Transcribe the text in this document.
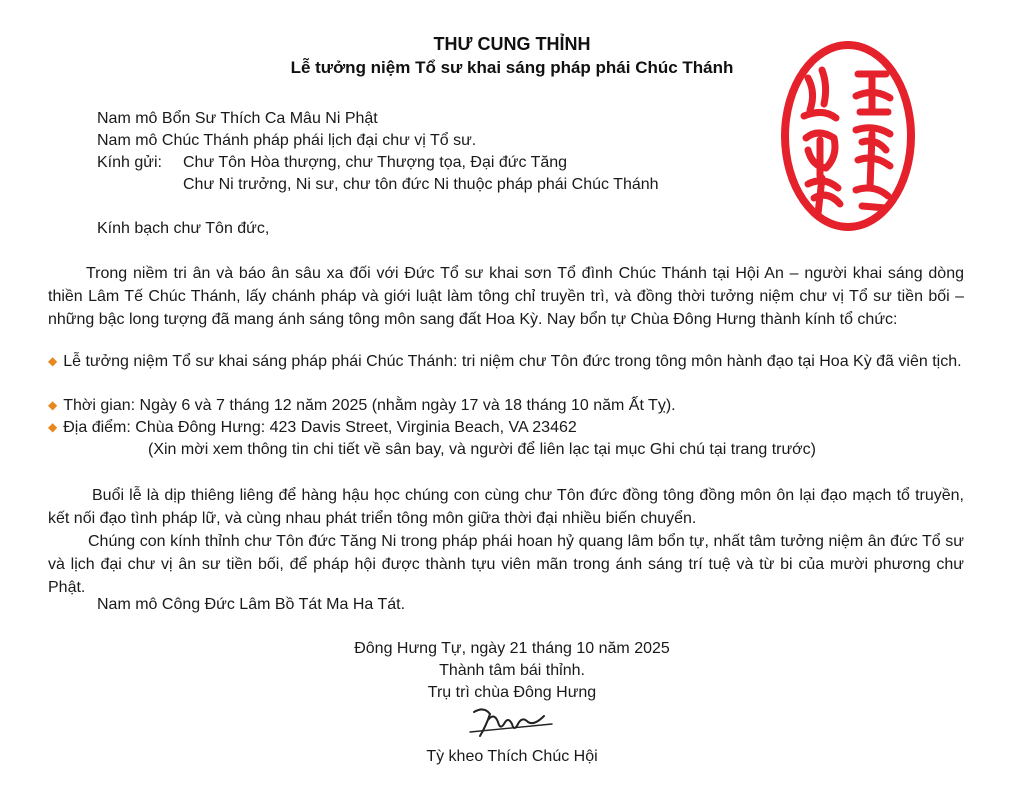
THƯ CUNG THỈNH
Lễ tưởng niệm Tổ sư khai sáng pháp phái Chúc Thánh
Nam mô Bổn Sư Thích Ca Mâu Ni Phật
Nam mô Chúc Thánh pháp phái lịch đại chư vị Tổ sư.
Kính gửi: Chư Tôn Hòa thượng, chư Thượng tọa, Đại đức Tăng
Chư Ni trưởng, Ni sư, chư tôn đức Ni thuộc pháp phái Chúc Thánh
Kính bạch chư Tôn đức,
Trong niềm tri ân và báo ân sâu xa đối với Đức Tổ sư khai sơn Tổ đình Chúc Thánh tại Hội An – người khai sáng dòng thiền Lâm Tế Chúc Thánh, lấy chánh pháp và giới luật làm tông chỉ truyền trì, và đồng thời tưởng niệm chư vị Tổ sư tiền bối – những bậc long tượng đã mang ánh sáng tông môn sang đất Hoa Kỳ. Nay bổn tự Chùa Đông Hưng thành kính tổ chức:
◆ Lễ tưởng niệm Tổ sư khai sáng pháp phái Chúc Thánh: tri niệm chư Tôn đức trong tông môn hành đạo tại Hoa Kỳ đã viên tịch.
◆ Thời gian: Ngày 6 và 7 tháng 12 năm 2025 (nhằm ngày 17 và 18 tháng 10 năm Ất Tỵ).
◆ Địa điểm: Chùa Đông Hưng: 423 Davis Street, Virginia Beach, VA 23462
(Xin mời xem thông tin chi tiết về sân bay, và người để liên lạc tại mục Ghi chú tại trang trước)
Buổi lễ là dịp thiêng liêng để hàng hậu học chúng con cùng chư Tôn đức đồng tông đồng môn ôn lại đạo mạch tổ truyền, kết nối đạo tình pháp lữ, và cùng nhau phát triển tông môn giữa thời đại nhiều biến chuyển.
Chúng con kính thỉnh chư Tôn đức Tăng Ni trong pháp phái hoan hỷ quang lâm bổn tự, nhất tâm tưởng niệm ân đức Tổ sư và lịch đại chư vị ân sư tiền bối, để pháp hội được thành tựu viên mãn trong ánh sáng trí tuệ và từ bi của mười phương chư Phật.
Nam mô Công Đức Lâm Bồ Tát Ma Ha Tát.
Đông Hưng Tự, ngày 21 tháng 10 năm 2025
Thành tâm bái thỉnh.
Trụ trì chùa Đông Hưng
Tỳ kheo Thích Chúc Hội
